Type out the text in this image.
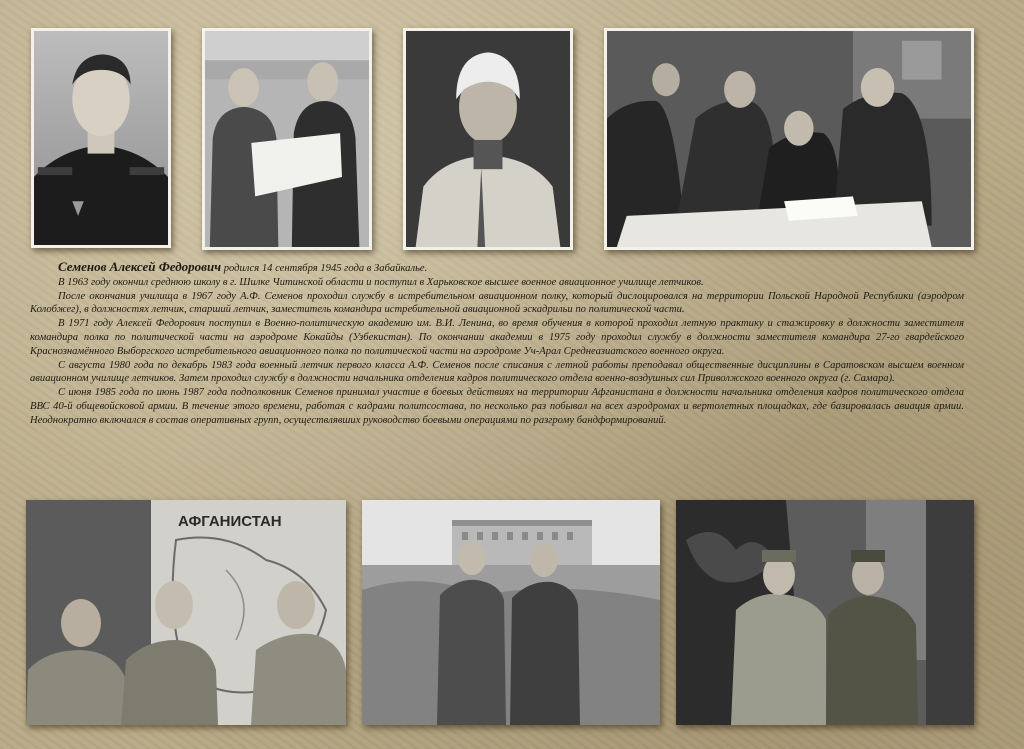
Семенов Алексей Федорович родился 14 сентября 1945 года в Забайкалье.

В 1963 году окончил среднюю школу в г. Шилке Читинской области и поступил в Харьковское высшее военное авиационное училище летчиков.

После окончания училища в 1967 году А.Ф. Семенов проходил службу в истребительном авиационном полку, который дислоцировался на территории Польской Народной Республики (аэродром Колобжег), в должностях летчик, старший летчик, заместитель командира истребительной авиационной эскадрильи по политической части.

В 1971 году Алексей Федорович поступил в Военно-политическую академию им. В.И. Ленина, во время обучения в которой проходил летную практику и стажировку в должности заместителя командира полка по политической части на аэродроме Кокайды (Узбекистан). По окончании академии в 1975 году проходил службу в должности заместителя командира 27-го гвардейского Краснознамённого Выборгского истребительного авиационного полка по политической части на аэродроме Уч-Арал Среднеазиатского военного округа.

С августа 1980 года по декабрь 1983 года военный летчик первого класса А.Ф. Семенов после списания с летной работы преподавал общественные дисциплины в Саратовском высшем военном авиационном училище летчиков. Затем проходил службу в должности начальника отделения кадров политического отдела военно-воздушных сил Приволжского военного округа (г. Самара).

С июня 1985 года по июнь 1987 года подполковник Семенов принимал участие в боевых действиях на территории Афганистана в должности начальника отделения кадров политического отдела ВВС 40-й общевойсковой армии. В течение этого времени, работая с кадрами политсостава, по несколько раз побывал на всех аэродромах и вертолетных площадках, где базировалась авиация армии. Неоднократно включался в состав оперативных групп, осуществлявших руководство боевыми операциями по разгрому бандформирований.

АФГАНИСТАН
